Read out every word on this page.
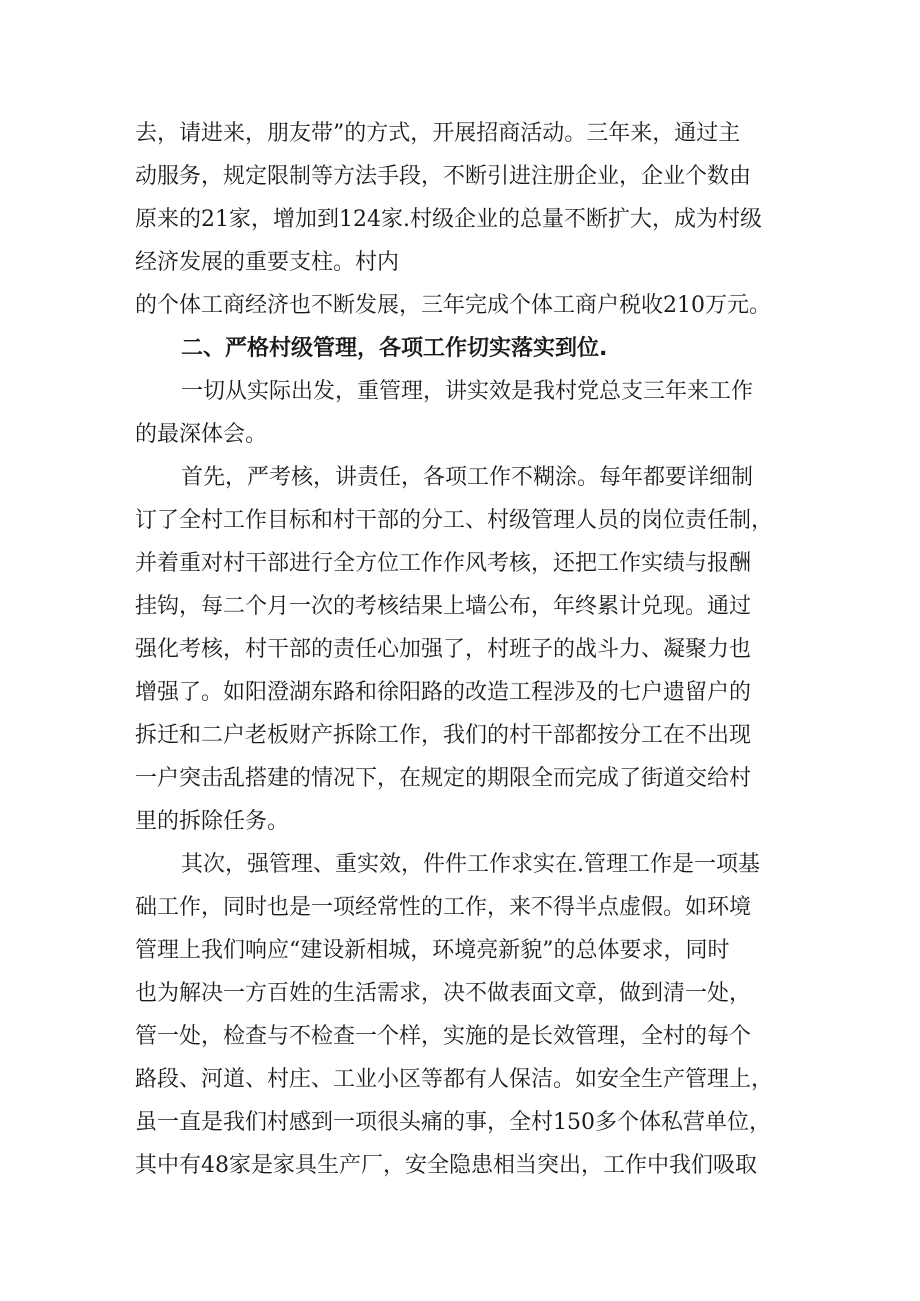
去，请进来，朋友带”的方式，开展招商活动。三年来，通过主
动服务，规定限制等方法手段，不断引进注册企业，企业个数由
原来的21家，增加到124家.村级企业的总量不断扩大，成为村级
经济发展的重要支柱。村内
的个体工商经济也不断发展，三年完成个体工商户税收210万元。
二、严格村级管理，各项工作切实落实到位.
一切从实际出发，重管理，讲实效是我村党总支三年来工作
的最深体会。
首先，严考核，讲责任，各项工作不糊涂。每年都要详细制
订了全村工作目标和村干部的分工、村级管理人员的岗位责任制，
并着重对村干部进行全方位工作作风考核，还把工作实绩与报酬
挂钩，每二个月一次的考核结果上墙公布，年终累计兑现。通过
强化考核，村干部的责任心加强了，村班子的战斗力、凝聚力也
增强了。如阳澄湖东路和徐阳路的改造工程涉及的七户遗留户的
拆迁和二户老板财产拆除工作，我们的村干部都按分工在不出现
一户突击乱搭建的情况下，在规定的期限全而完成了街道交给村
里的拆除任务。
其次，强管理、重实效，件件工作求实在.管理工作是一项基
础工作，同时也是一项经常性的工作，来不得半点虚假。如环境
管理上我们响应“建设新相城，环境亮新貌”的总体要求，同时
也为解决一方百姓的生活需求，决不做表面文章，做到清一处，
管一处，检查与不检查一个样，实施的是长效管理，全村的每个
路段、河道、村庄、工业小区等都有人保洁。如安全生产管理上，
虽一直是我们村感到一项很头痛的事，全村150多个体私营单位，
其中有48家是家具生产厂，安全隐患相当突出，工作中我们吸取
